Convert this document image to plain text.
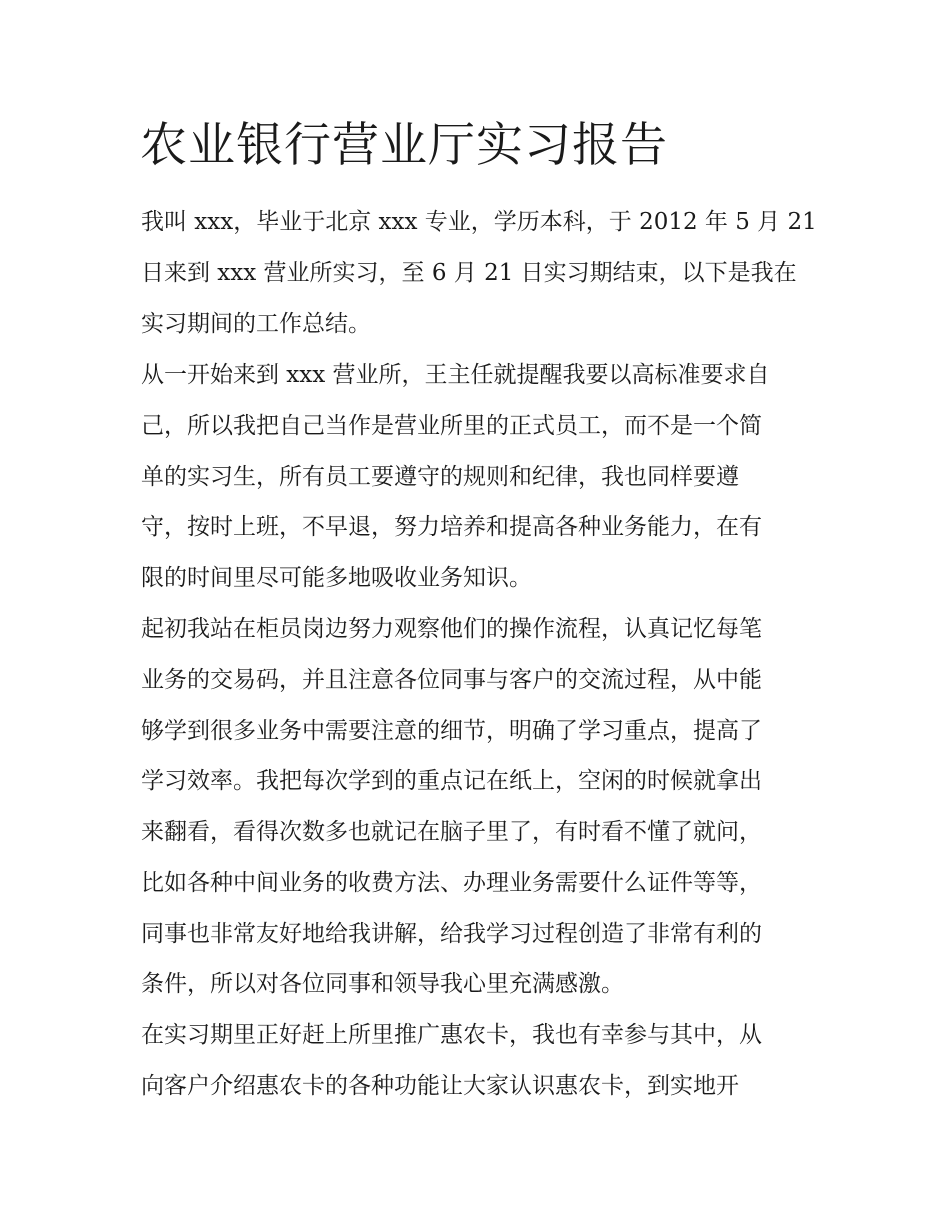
农业银行营业厅实习报告

我叫 xxx，毕业于北京 xxx 专业，学历本科，于 2012 年 5 月 21

日来到 xxx 营业所实习，至 6 月 21 日实习期结束，以下是我在

实习期间的工作总结。

从一开始来到 xxx 营业所，王主任就提醒我要以高标准要求自

己，所以我把自己当作是营业所里的正式员工，而不是一个简

单的实习生，所有员工要遵守的规则和纪律，我也同样要遵

守，按时上班，不早退，努力培养和提高各种业务能力，在有

限的时间里尽可能多地吸收业务知识。

起初我站在柜员岗边努力观察他们的操作流程，认真记忆每笔

业务的交易码，并且注意各位同事与客户的交流过程，从中能

够学到很多业务中需要注意的细节，明确了学习重点，提高了

学习效率。我把每次学到的重点记在纸上，空闲的时候就拿出

来翻看，看得次数多也就记在脑子里了，有时看不懂了就问，

比如各种中间业务的收费方法、办理业务需要什么证件等等，

同事也非常友好地给我讲解，给我学习过程创造了非常有利的

条件，所以对各位同事和领导我心里充满感激。

在实习期里正好赶上所里推广惠农卡，我也有幸参与其中，从

向客户介绍惠农卡的各种功能让大家认识惠农卡，到实地开
